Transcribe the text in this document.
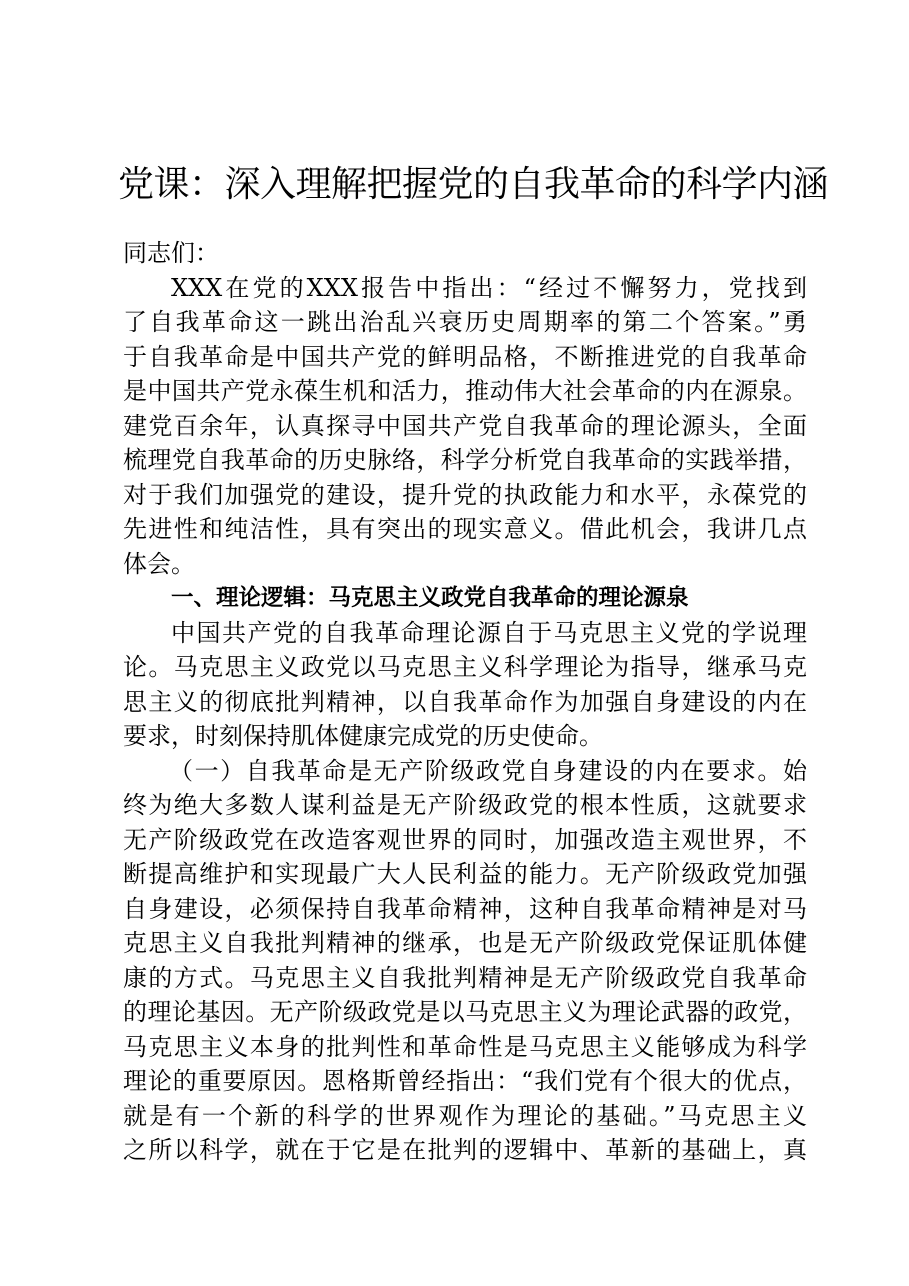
党课：深入理解把握党的自我革命的科学内涵
同志们：
XXX在党的XXX报告中指出：“经过不懈努力，党找到
了自我革命这一跳出治乱兴衰历史周期率的第二个答案。”勇
于自我革命是中国共产党的鲜明品格，不断推进党的自我革命
是中国共产党永葆生机和活力，推动伟大社会革命的内在源泉。
建党百余年，认真探寻中国共产党自我革命的理论源头，全面
梳理党自我革命的历史脉络，科学分析党自我革命的实践举措，
对于我们加强党的建设，提升党的执政能力和水平，永葆党的
先进性和纯洁性，具有突出的现实意义。借此机会，我讲几点
体会。
一、理论逻辑：马克思主义政党自我革命的理论源泉
中国共产党的自我革命理论源自于马克思主义党的学说理
论。马克思主义政党以马克思主义科学理论为指导，继承马克
思主义的彻底批判精神，以自我革命作为加强自身建设的内在
要求，时刻保持肌体健康完成党的历史使命。
（一）自我革命是无产阶级政党自身建设的内在要求。始
终为绝大多数人谋利益是无产阶级政党的根本性质，这就要求
无产阶级政党在改造客观世界的同时，加强改造主观世界，不
断提高维护和实现最广大人民利益的能力。无产阶级政党加强
自身建设，必须保持自我革命精神，这种自我革命精神是对马
克思主义自我批判精神的继承，也是无产阶级政党保证肌体健
康的方式。马克思主义自我批判精神是无产阶级政党自我革命
的理论基因。无产阶级政党是以马克思主义为理论武器的政党，
马克思主义本身的批判性和革命性是马克思主义能够成为科学
理论的重要原因。恩格斯曾经指出：“我们党有个很大的优点，
就是有一个新的科学的世界观作为理论的基础。”马克思主义
之所以科学，就在于它是在批判的逻辑中、革新的基础上，真
